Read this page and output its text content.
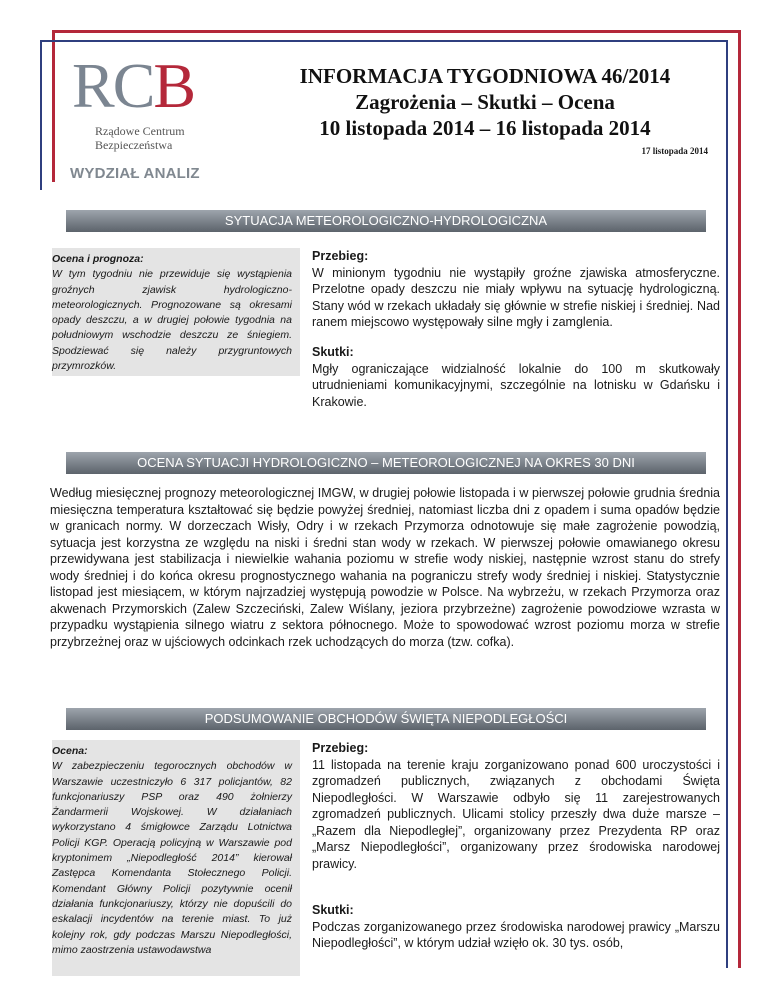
RCB
Rządowe Centrum
Bezpieczeństwa
INFORMACJA TYGODNIOWA 46/2014
Zagrożenia – Skutki – Ocena
10 listopada 2014 – 16 listopada 2014
17 listopada 2014
WYDZIAŁ ANALIZ
SYTUACJA METEOROLOGICZNO-HYDROLOGICZNA

Ocena i prognoza:

W tym tygodniu nie przewiduje się wystąpienia groźnych zjawisk hydrologiczno-meteorologicznych. Prognozowane są okresami opady deszczu, a w drugiej połowie tygodnia na południowym wschodzie deszczu ze śniegiem. Spodziewać się należy przygruntowych przymrozków.

Przebieg:

W minionym tygodniu nie wystąpiły groźne zjawiska atmosferyczne. Przelotne opady deszczu nie miały wpływu na sytuację hydrologiczną. Stany wód w rzekach układały się głównie w strefie niskiej i średniej. Nad ranem miejscowo występowały silne mgły i zamglenia.

Skutki:

Mgły ograniczające widzialność lokalnie do 100 m skutkowały utrudnieniami komunikacyjnymi, szczególnie na lotnisku w Gdańsku i Krakowie.

OCENA SYTUACJI HYDROLOGICZNO – METEOROLOGICZNEJ NA OKRES 30 DNI
Według miesięcznej prognozy meteorologicznej IMGW, w drugiej połowie listopada i w pierwszej połowie grudnia średnia miesięczna temperatura kształtować się będzie powyżej średniej, natomiast liczba dni z opadem i suma opadów będzie w granicach normy. W dorzeczach Wisły, Odry i w rzekach Przymorza odnotowuje się małe zagrożenie powodzią, sytuacja jest korzystna ze względu na niski i średni stan wody w rzekach. W pierwszej połowie omawianego okresu przewidywana jest stabilizacja i niewielkie wahania poziomu w strefie wody niskiej, następnie wzrost stanu do strefy wody średniej i do końca okresu prognostycznego wahania na pograniczu strefy wody średniej i niskiej. Statystycznie listopad jest miesiącem, w którym najrzadziej występują powodzie w Polsce. Na wybrzeżu, w rzekach Przymorza oraz akwenach Przymorskich (Zalew Szczeciński, Zalew Wiślany, jeziora przybrzeżne) zagrożenie powodziowe wzrasta w przypadku wystąpienia silnego wiatru z sektora północnego. Może to spowodować wzrost poziomu morza w strefie przybrzeżnej oraz w ujściowych odcinkach rzek uchodzących do morza (tzw. cofka).
PODSUMOWANIE OBCHODÓW ŚWIĘTA NIEPODLEGŁOŚCI

Ocena:

W zabezpieczeniu tegorocznych obchodów w Warszawie uczestniczyło 6 317 policjantów, 82 funkcjonariuszy PSP oraz 490 żołnierzy Żandarmerii Wojskowej. W działaniach wykorzystano 4 śmigłowce Zarządu Lotnictwa Policji KGP. Operacją policyjną w Warszawie pod kryptonimem „Niepodległość 2014” kierował Zastępca Komendanta Stołecznego Policji. Komendant Główny Policji pozytywnie ocenił działania funkcjonariuszy, którzy nie dopuścili do eskalacji incydentów na terenie miast. To już kolejny rok, gdy podczas Marszu Niepodległości, mimo zaostrzenia ustawodawstwa

Przebieg:

11 listopada na terenie kraju zorganizowano ponad 600 uroczystości i zgromadzeń publicznych, związanych z obchodami Święta Niepodległości. W Warszawie odbyło się 11 zarejestrowanych zgromadzeń publicznych. Ulicami stolicy przeszły dwa duże marsze – „Razem dla Niepodległej”, organizowany przez Prezydenta RP oraz „Marsz Niepodległości”, organizowany przez środowiska narodowej prawicy.

Skutki:

Podczas zorganizowanego przez środowiska narodowej prawicy „Marszu Niepodległości”, w którym udział wzięło ok. 30 tys. osób,
